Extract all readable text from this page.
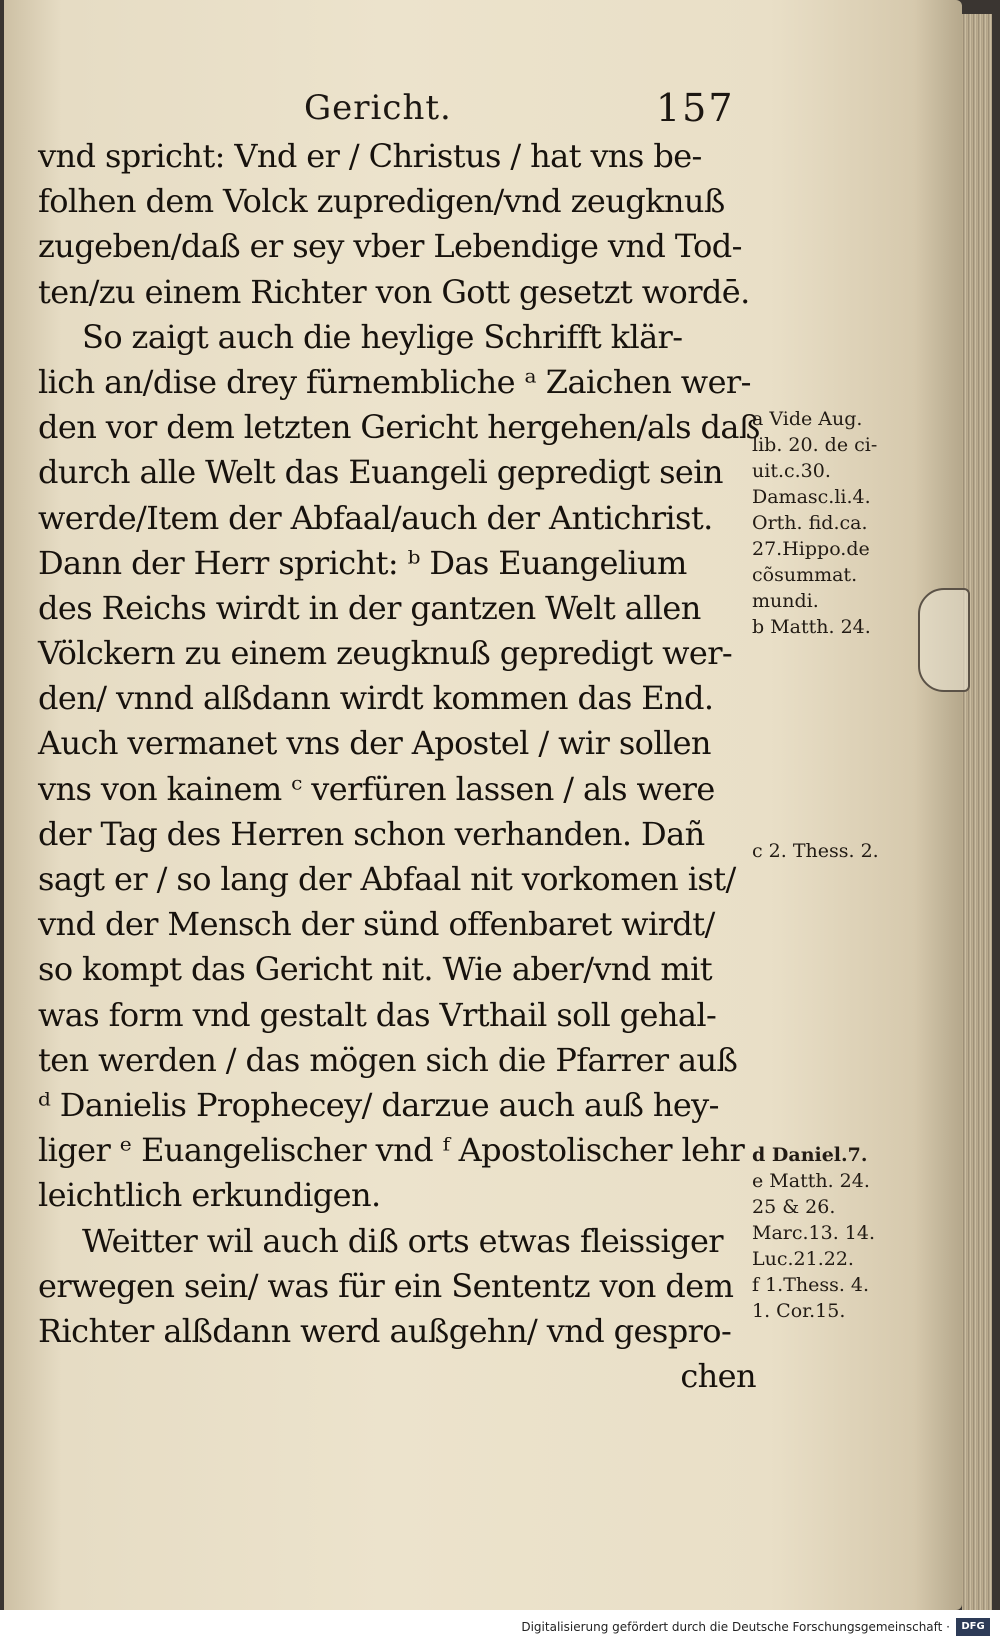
Gericht.	157
vnd spricht: Vnd er / Christus / hat vns be-
folhen dem Volck zupredigen/vnd zeugknuß
zugeben/daß er sey vber Lebendige vnd Tod-
ten/zu einem Richter von Gott gesetzt wordē.
So zaigt auch die heylige Schrifft klär-
lich an/dise drey fürnembliche ᵃ Zaichen wer-
den vor dem letzten Gericht hergehen/als daß
durch alle Welt das Euangeli gepredigt sein
werde/Item der Abfaal/auch der Antichrist.
Dann der Herr spricht: ᵇ Das Euangelium
des Reichs wirdt in der gantzen Welt allen
Völckern zu einem zeugknuß gepredigt wer-
den/ vnnd alßdann wirdt kommen das End.
Auch vermanet vns der Apostel / wir sollen
vns von kainem ᶜ verfüren lassen / als were
der Tag des Herren schon verhanden. Dañ
sagt er / so lang der Abfaal nit vorkomen ist/
vnd der Mensch der sünd offenbaret wirdt/
so kompt das Gericht nit. Wie aber/vnd mit
was form vnd gestalt das Vrthail soll gehal-
ten werden / das mögen sich die Pfarrer auß
ᵈ Danielis Prophecey/ darzue auch auß hey-
liger ᵉ Euangelischer vnd ᶠ Apostolischer lehr
leichtlich erkundigen.
Weitter wil auch diß orts etwas fleissiger
erwegen sein/ was für ein Sententz von dem
Richter alßdann werd außgehn/ vnd gespro-
chen
a Vide Aug.
lib. 20. de ci-
uit.c.30.
Damasc.li.4.
Orth. fid.ca.
27.Hippo.de
cõsummat.
mundi.
b Matth. 24.
c 2. Thess. 2.
d Daniel.7.
e Matth. 24.
25 & 26.
Marc.13. 14.
Luc.21.22.
f 1.Thess. 4.
1. Cor.15.
Digitalisierung gefördert durch die Deutsche Forschungsgemeinschaft ·	DFG
